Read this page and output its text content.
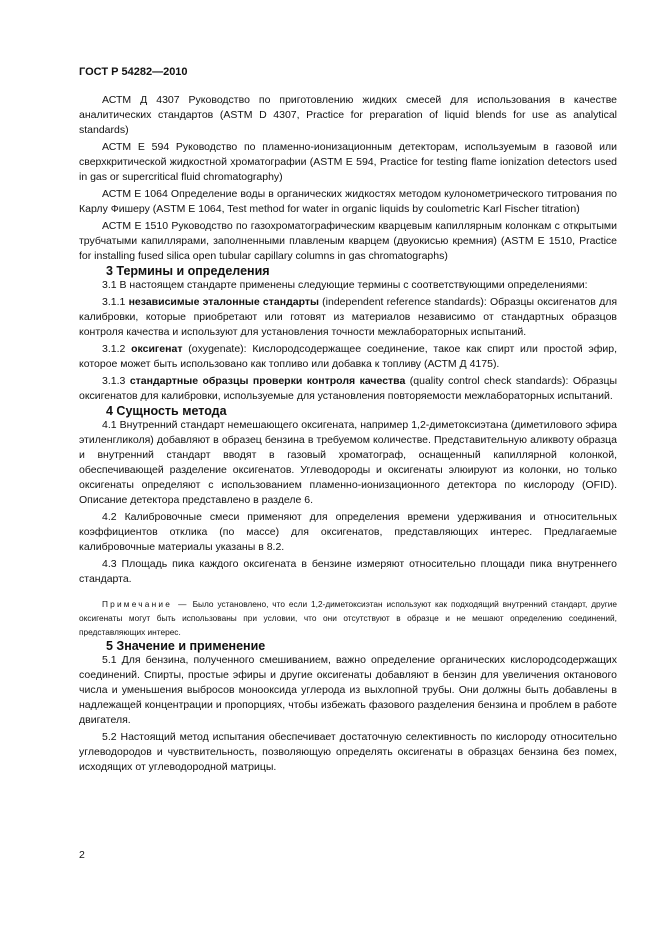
ГОСТ Р 54282—2010

АСТМ Д 4307 Руководство по приготовлению жидких смесей для использования в качестве аналитических стандартов (ASTM D 4307, Practice for preparation of liquid blends for use as analytical standards)

АСТМ Е 594 Руководство по пламенно-ионизационным детекторам, используемым в газовой или сверхкритической жидкостной хроматографии (ASTM E 594, Practice for testing flame ionization detectors used in gas or supercritical fluid chromatography)

АСТМ Е 1064 Определение воды в органических жидкостях методом кулонометрического титрования по Карлу Фишеру (ASTM E 1064, Test method for water in organic liquids by coulometric Karl Fischer titration)

АСТМ Е 1510 Руководство по газохроматографическим кварцевым капиллярным колонкам с открытыми трубчатыми капиллярами, заполненными плавленым кварцем (двуокисью кремния) (ASTM E 1510, Practice for installing fused silica open tubular capillary columns in gas chromatographs)

3 Термины и определения

3.1 В настоящем стандарте применены следующие термины с соответствующими определениями:

3.1.1 независимые эталонные стандарты (independent reference standards): Образцы оксигенатов для калибровки, которые приобретают или готовят из материалов независимо от стандартных образцов контроля качества и используют для установления точности межлабораторных испытаний.

3.1.2 оксигенат (oxygenate): Кислородсодержащее соединение, такое как спирт или простой эфир, которое может быть использовано как топливо или добавка к топливу (АСТМ Д 4175).

3.1.3 стандартные образцы проверки контроля качества (quality control check standards): Образцы оксигенатов для калибровки, используемые для установления повторяемости межлабораторных испытаний.

4 Сущность метода

4.1 Внутренний стандарт немешающего оксигената, например 1,2-диметоксиэтана (диметилового эфира этиленгликоля) добавляют в образец бензина в требуемом количестве. Представительную аликвоту образца и внутренний стандарт вводят в газовый хроматограф, оснащенный капиллярной колонкой, обеспечивающей разделение оксигенатов. Углеводороды и оксигенаты элюируют из колонки, но только оксигенаты определяют с использованием пламенно-ионизационного детектора по кислороду (OFID). Описание детектора представлено в разделе 6.

4.2 Калибровочные смеси применяют для определения времени удерживания и относительных коэффициентов отклика (по массе) для оксигенатов, представляющих интерес. Предлагаемые калибровочные материалы указаны в 8.2.

4.3 Площадь пика каждого оксигената в бензине измеряют относительно площади пика внутреннего стандарта.

Примечание — Было установлено, что если 1,2-диметоксиэтан используют как подходящий внутренний стандарт, другие оксигенаты могут быть использованы при условии, что они отсутствуют в образце и не мешают определению соединений, представляющих интерес.

5 Значение и применение

5.1 Для бензина, полученного смешиванием, важно определение органических кислородсодержащих соединений. Спирты, простые эфиры и другие оксигенаты добавляют в бензин для увеличения октанового числа и уменьшения выбросов монооксида углерода из выхлопной трубы. Они должны быть добавлены в надлежащей концентрации и пропорциях, чтобы избежать фазового разделения бензина и проблем в работе двигателя.

5.2 Настоящий метод испытания обеспечивает достаточную селективность по кислороду относительно углеводородов и чувствительность, позволяющую определять оксигенаты в образцах бензина без помех, исходящих от углеводородной матрицы.

2
